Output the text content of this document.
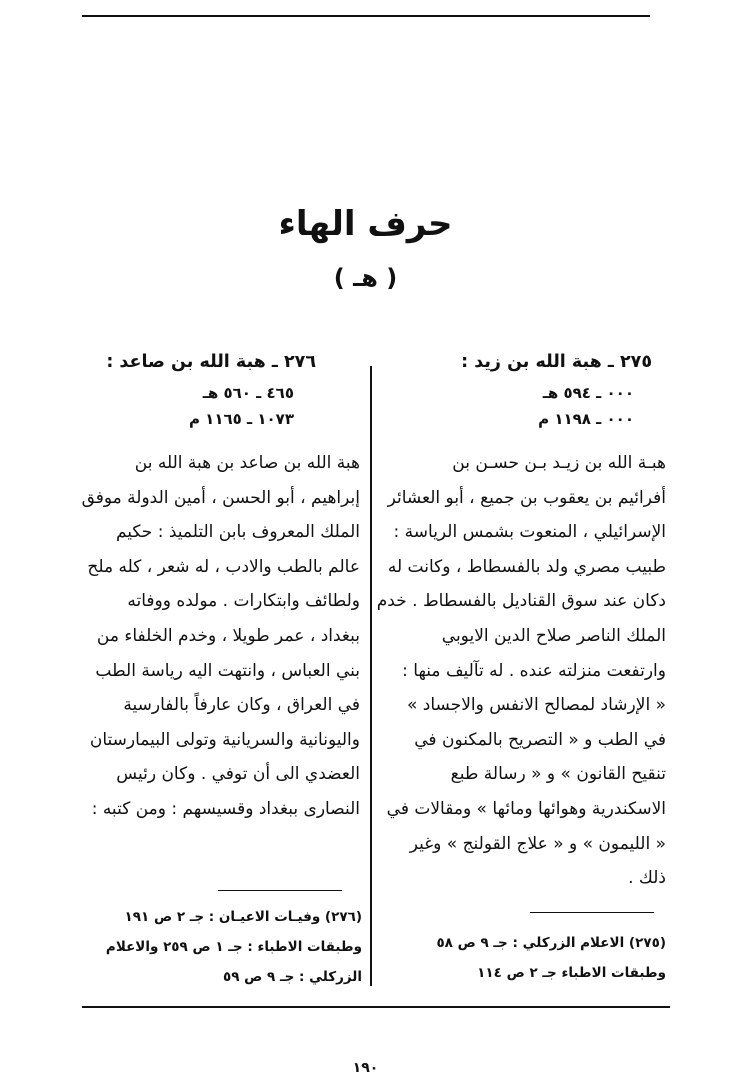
حرف الهاء
( هـ )
٢٧٥ ـ هبة الله بن زيد :
٠٠٠ ـ ٥٩٤ هـ
٠٠٠ ـ ١١٩٨ م
هبـة الله بن زيـد بـن حسـن بن
أفرائيم بن يعقوب بن جميع ، أبو العشائر
الإسرائيلي ، المنعوت بشمس الرياسة :
طبيب مصري ولد بالفسطاط ، وكانت له
دكان عند سوق القناديل بالفسطاط . خدم
الملك الناصر صلاح الدين الايوبي
وارتفعت منزلته عنده . له تآليف منها :
« الإرشاد لمصالح الانفس والاجساد »
في الطب و « التصريح بالمكنون في
تنقيح القانون » و « رسالة طبع
الاسكندرية وهوائها ومائها » ومقالات في
« الليمون » و « علاج القولنج » وغير
ذلك .
٢٧٦ ـ هبة الله بن صاعد :
٤٦٥ ـ ٥٦٠ هـ
١٠٧٣ ـ ١١٦٥ م
هبة الله بن صاعد بن هبة الله بن
إبراهيم ، أبو الحسن ، أمين الدولة موفق
الملك المعروف بابن التلميذ : حكيم
عالم بالطب والادب ، له شعر ، كله ملح
ولطائف وابتكارات . مولده ووفاته
ببغداد ، عمر طويلا ، وخدم الخلفاء من
بني العباس ، وانتهت اليه رياسة الطب
في العراق ، وكان عارفاً بالفارسية
واليونانية والسريانية وتولى البيمارستان
العضدي الى أن توفي . وكان رئيس
النصارى ببغداد وقسيسهم : ومن كتبه :
(٢٧٥) الاعلام الزركلي : جـ ٩ ص ٥٨
وطبقات الاطباء جـ ٢ ص ١١٤
(٢٧٦) وفيـات الاعيـان : جـ ٢ ص ١٩١
وطبقات الاطباء : جـ ١ ص ٢٥٩ والاعلام
الزركلي : جـ ٩ ص ٥٩
١٩٠
